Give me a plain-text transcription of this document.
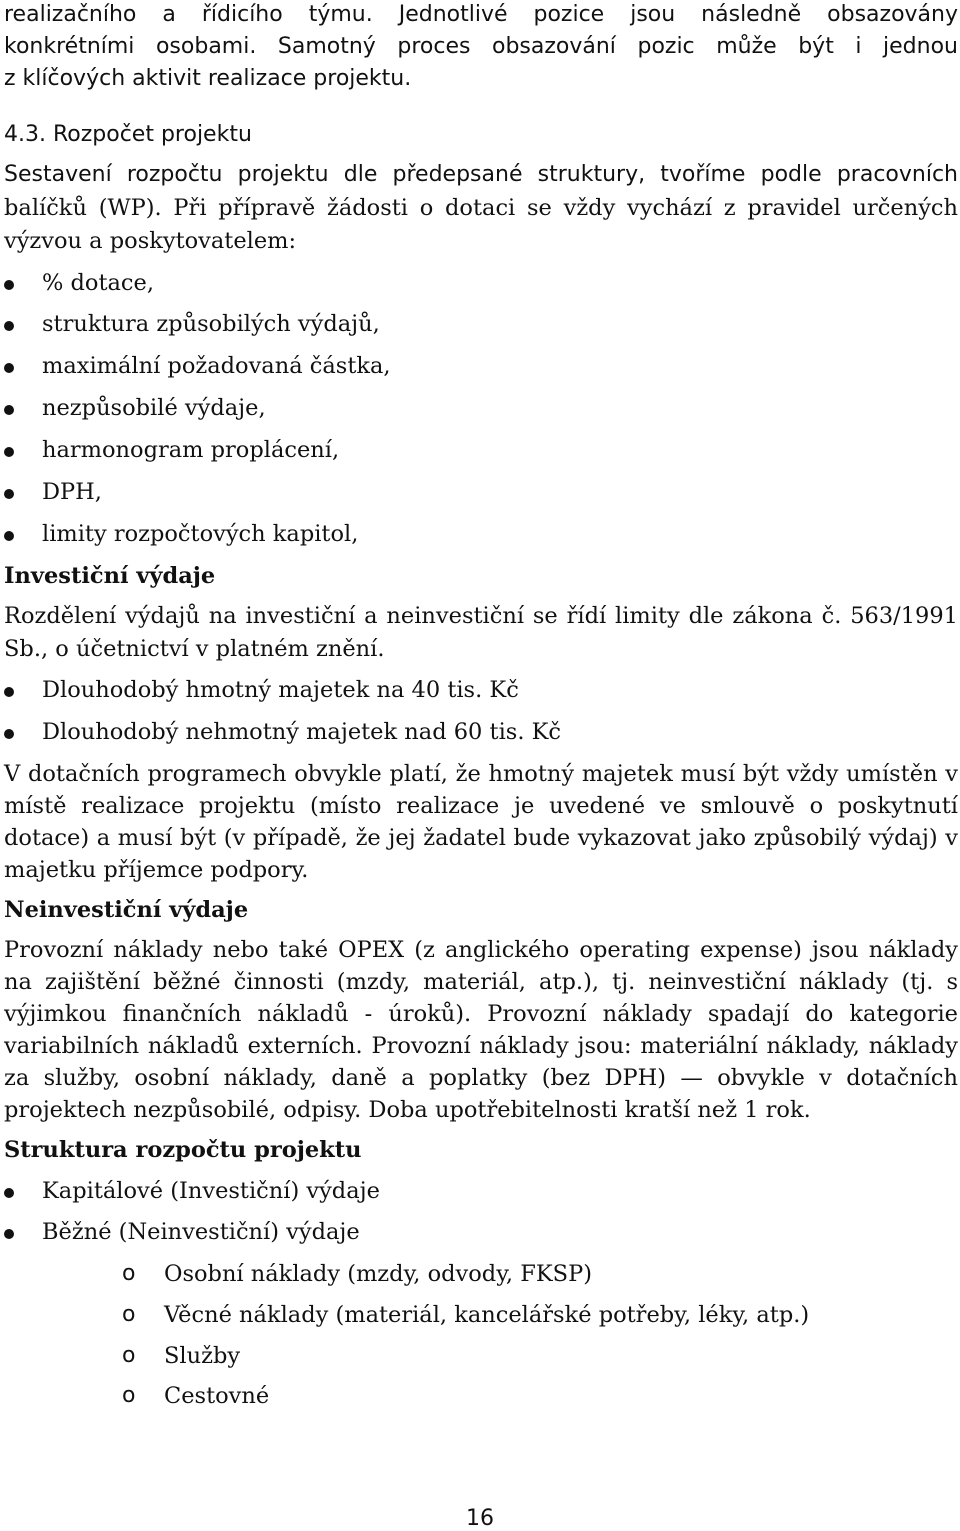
realizačního a řídicího týmu. Jednotlivé pozice jsou následně obsazovány
konkrétními osobami. Samotný proces obsazování pozic může být i jednou
z klíčových aktivit realizace projektu.
4.3. Rozpočet projektu
Sestavení rozpočtu projektu dle předepsané struktury, tvoříme podle pracovních
balíčků (WP). Při přípravě žádosti o dotaci se vždy vychází z pravidel určených
výzvou a poskytovatelem:
% dotace,
struktura způsobilých výdajů,
maximální požadovaná částka,
nezpůsobilé výdaje,
harmonogram proplácení,
DPH,
limity rozpočtových kapitol,
Investiční výdaje
Rozdělení výdajů na investiční a neinvestiční se řídí limity dle zákona č. 563/1991
Sb., o účetnictví v platném znění.
Dlouhodobý hmotný majetek na 40 tis. Kč
Dlouhodobý nehmotný majetek nad 60 tis. Kč
V dotačních programech obvykle platí, že hmotný majetek musí být vždy umístěn v
místě realizace projektu (místo realizace je uvedené ve smlouvě o poskytnutí
dotace) a musí být (v případě, že jej žadatel bude vykazovat jako způsobilý výdaj) v
majetku příjemce podpory.
Neinvestiční výdaje
Provozní náklady nebo také OPEX (z anglického operating expense) jsou náklady
na zajištění běžné činnosti (mzdy, materiál, atp.), tj. neinvestiční náklady (tj. s
výjimkou finančních nákladů - úroků). Provozní náklady spadají do kategorie
variabilních nákladů externích. Provozní náklady jsou: materiální náklady, náklady
za služby, osobní náklady, daně a poplatky (bez DPH) — obvykle v dotačních
projektech nezpůsobilé, odpisy. Doba upotřebitelnosti kratší než 1 rok.
Struktura rozpočtu projektu
Kapitálové (Investiční) výdaje
Běžné (Neinvestiční) výdaje
o Osobní náklady (mzdy, odvody, FKSP)
o Věcné náklady (materiál, kancelářské potřeby, léky, atp.)
o Služby
o Cestovné
16
